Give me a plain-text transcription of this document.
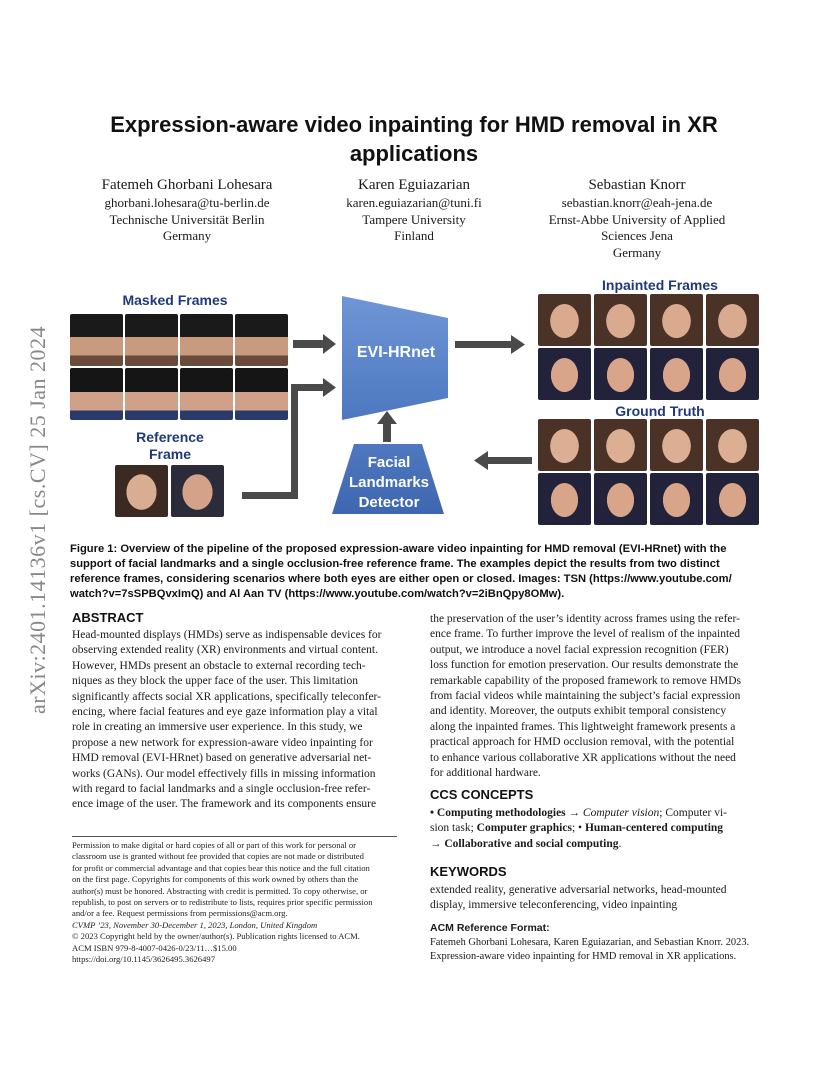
arXiv:2401.14136v1 [cs.CV] 25 Jan 2024
Expression-aware video inpainting for HMD removal in XR
applications
Fatemeh Ghorbani Lohesara
ghorbani.lohesara@tu-berlin.de
Technische Universität Berlin
Germany
Karen Eguiazarian
karen.eguiazarian@tuni.fi
Tampere University
Finland
Sebastian Knorr
sebastian.knorr@eah-jena.de
Ernst-Abbe University of Applied
Sciences Jena
Germany
Masked Frames
Reference
Frame
Inpainted Frames
Ground Truth
EVI-HRnet
Facial
Landmarks
Detector
Figure 1: Overview of the pipeline of the proposed expression-aware video inpainting for HMD removal (EVI-HRnet) with the
support of facial landmarks and a single occlusion-free reference frame. The examples depict the results from two distinct
reference frames, considering scenarios where both eyes are either open or closed. Images: TSN (https://www.youtube.com/
watch?v=7sSPBQvxImQ) and Al Aan TV (https://www.youtube.com/watch?v=2iBnQpy8OMw).
ABSTRACT
Head-mounted displays (HMDs) serve as indispensable devices for
observing extended reality (XR) environments and virtual content.
However, HMDs present an obstacle to external recording tech-
niques as they block the upper face of the user. This limitation
significantly affects social XR applications, specifically teleconfer-
encing, where facial features and eye gaze information play a vital
role in creating an immersive user experience. In this study, we
propose a new network for expression-aware video inpainting for
HMD removal (EVI-HRnet) based on generative adversarial net-
works (GANs). Our model effectively fills in missing information
with regard to facial landmarks and a single occlusion-free refer-
ence image of the user. The framework and its components ensure
Permission to make digital or hard copies of all or part of this work for personal or
classroom use is granted without fee provided that copies are not made or distributed
for profit or commercial advantage and that copies bear this notice and the full citation
on the first page. Copyrights for components of this work owned by others than the
author(s) must be honored. Abstracting with credit is permitted. To copy otherwise, or
republish, to post on servers or to redistribute to lists, requires prior specific permission
and/or a fee. Request permissions from permissions@acm.org.
CVMP ’23, November 30-December 1, 2023, London, United Kingdom
© 2023 Copyright held by the owner/author(s). Publication rights licensed to ACM.
ACM ISBN 979-8-4007-0426-0/23/11…$15.00
https://doi.org/10.1145/3626495.3626497
the preservation of the user’s identity across frames using the refer-
ence frame. To further improve the level of realism of the inpainted
output, we introduce a novel facial expression recognition (FER)
loss function for emotion preservation. Our results demonstrate the
remarkable capability of the proposed framework to remove HMDs
from facial videos while maintaining the subject’s facial expression
and identity. Moreover, the outputs exhibit temporal consistency
along the inpainted frames. This lightweight framework presents a
practical approach for HMD occlusion removal, with the potential
to enhance various collaborative XR applications without the need
for additional hardware.
CCS CONCEPTS
• Computing methodologies → Computer vision; Computer vi-
sion task; Computer graphics; • Human-centered computing
→ Collaborative and social computing.
KEYWORDS
extended reality, generative adversarial networks, head-mounted
display, immersive teleconferencing, video inpainting
ACM Reference Format:
Fatemeh Ghorbani Lohesara, Karen Eguiazarian, and Sebastian Knorr. 2023.
Expression-aware video inpainting for HMD removal in XR applications.
